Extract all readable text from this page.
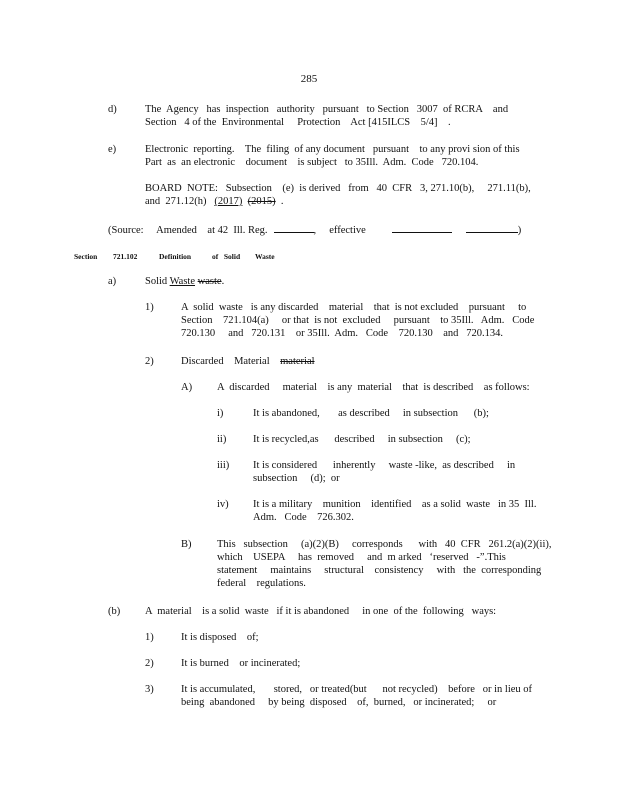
285
d)	The  Agency   has  inspection   authority   pursuant   to Section   3007  of RCRA    and
Section   4 of the  Environmental     Protection    Act [415ILCS    5/4]    .
e)	Electronic  reporting.    The  filing  of any document   pursuant    to any provi sion of this
Part  as  an electronic    document    is subject   to 35Ill.  Adm.  Code   720.104.
BOARD  NOTE:   Subsection    (e)  is derived   from   40  CFR   3, 271.10(b),     271.11(b),
and  271.12(h)   (2017) (2015)  .
(Source:     Amended    at 42  Ill. Reg.	,     effective	)
Section 721.102	Definition	of   Solid Waste
a)	Solid Waste waste.
1)	A  solid  waste   is any discarded    material    that  is not excluded    pursuant     to
Section    721.104(a)     or that  is not  excluded     pursuant    to 35Ill.   Adm.   Code
720.130     and   720.131    or 35Ill.  Adm.   Code    720.130    and   720.134.
2)	Discarded    Material    material
A) A  discarded     material    is any  material    that  is described    as follows:
i)	It is abandoned,       as described     in subsection      (b);
ii)	It is recycled,as      described     in subsection     (c);
iii) It is considered      inherently     waste -like,  as described     in
subsection     (d);  or
iv) It is a military    munition    identified    as a solid  waste   in 35  Ill.
Adm.   Code    726.302.
B) This   subsection     (a)(2)(B)     corresponds      with   40  CFR   261.2(a)(2)(ii),
which    USEPA     has  removed     and  m arked   ‘reserved   -”.This
statement     maintains     structural    consistency     with   the  corresponding
federal    regulations.
(b) A  material    is a solid  waste   if it is abandoned     in one  of the  following   ways:
1)	It is disposed    of;
2)	It is burned    or incinerated;
3)	It is accumulated,       stored,   or treated(but      not recycled)    before   or in lieu of
being  abandoned     by being  disposed    of,  burned,   or incinerated;     or
